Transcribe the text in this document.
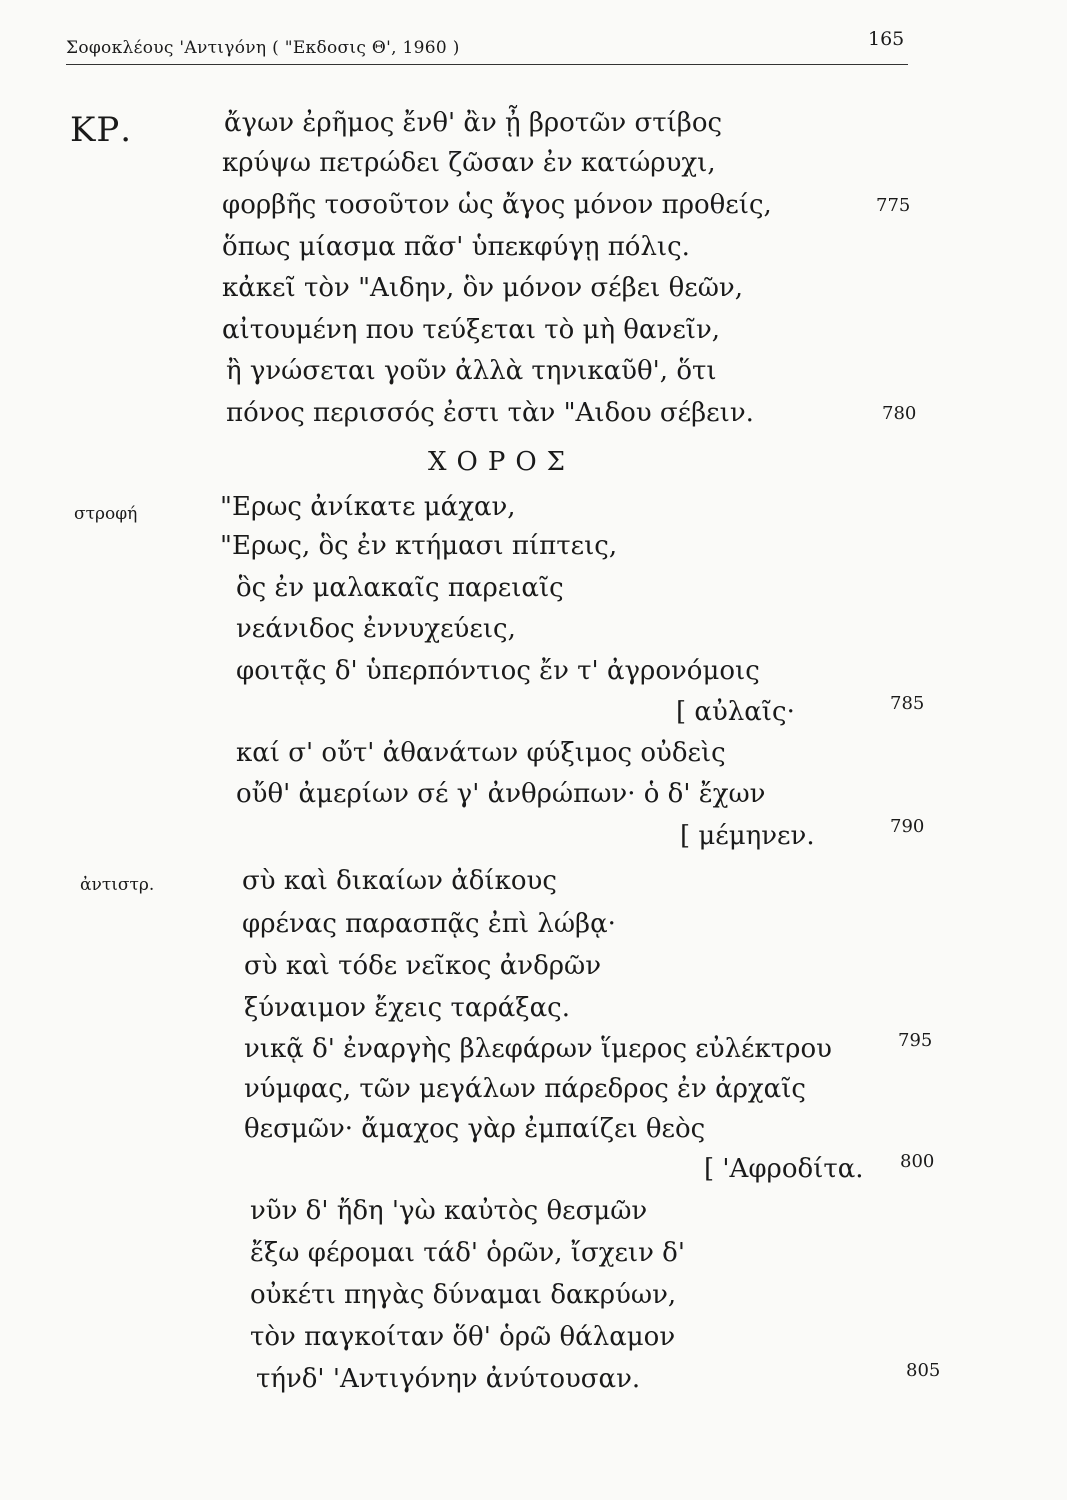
Σοφοκλέους 'Αντιγόνη ( "Εκδοσις Θ', 1960 )	165
ΚΡ.	ἄγων ἐρῆμος ἔνθ' ἂν ᾖ βροτῶν στίβος
κρύψω πετρώδει ζῶσαν ἐν κατώρυχι,
φορβῆς τοσοῦτον ὡς ἄγος μόνον προθείς,
ὅπως μίασμα πᾶσ' ὑπεκφύγῃ πόλις.
κἀκεῖ τὸν "Αιδην, ὃν μόνον σέβει θεῶν,
αἰτουμένη που τεύξεται τὸ μὴ θανεῖν,
ἢ γνώσεται γοῦν ἀλλὰ τηνικαῦθ', ὅτι
πόνος περισσός ἐστι τὰν "Αιδου σέβειν.
ΧΟΡΟΣ
"Ερως ἀνίκατε μάχαν,
"Ερως, ὃς ἐν κτήμασι πίπτεις,
ὃς ἐν μαλακαῖς παρειαῖς
νεάνιδος ἐννυχεύεις,
φοιτᾷς δ' ὑπερπόντιος ἔν τ' ἀγρονόμοις
[ αὐλαῖς·
καί σ' οὔτ' ἀθανάτων φύξιμος οὐδεὶς
οὔθ' ἀμερίων σέ γ' ἀνθρώπων· ὁ δ' ἔχων
[ μέμηνεν.
σὺ καὶ δικαίων ἀδίκους
φρένας παρασπᾷς ἐπὶ λώβᾳ·
σὺ καὶ τόδε νεῖκος ἀνδρῶν
ξύναιμον ἔχεις ταράξας.
νικᾷ δ' ἐναργὴς βλεφάρων ἵμερος εὐλέκτρου
νύμφας, τῶν μεγάλων πάρεδρος ἐν ἀρχαῖς
θεσμῶν· ἄμαχος γὰρ ἐμπαίζει θεὸς
[ 'Αφροδίτα.
νῦν δ' ἤδη 'γὼ καὐτὸς θεσμῶν
ἔξω φέρομαι τάδ' ὁρῶν, ἴσχειν δ'
οὐκέτι πηγὰς δύναμαι δακρύων,
τὸν παγκοίταν ὅθ' ὁρῶ θάλαμον
τήνδ' 'Αντιγόνην ἀνύτουσαν.
στροφή
ἀντιστρ.
775
780
785
790
795
800
805
